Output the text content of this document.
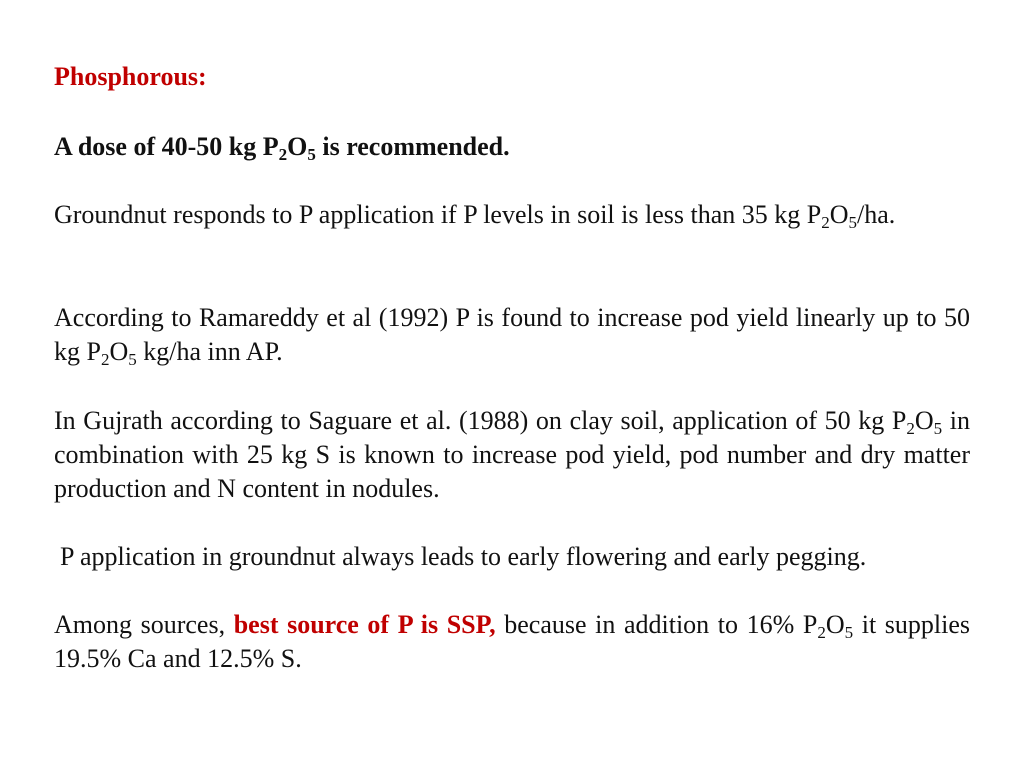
Phosphorous:

A dose of 40-50 kg $P_2O_5$ is recommended.

Groundnut responds to P application if P levels in soil is less than 35 kg $P_2O_5/ha$.

According to Ramareddy et al (1992) P is found to increase pod yield linearly up to 50 kg $P_2O_5$ kg/ha inn AP.

In Gujrath according to Saguare et al. (1988) on clay soil, application of 50 kg $P_2O_5$ in combination with 25 kg S is known to increase pod yield, pod number and dry matter production and N content in nodules.

P application in groundnut always leads to early flowering and early pegging.

Among sources, best source of P is SSP, because in addition to 16% $P_2O_5$ it supplies 19.5% Ca and 12.5% S.
